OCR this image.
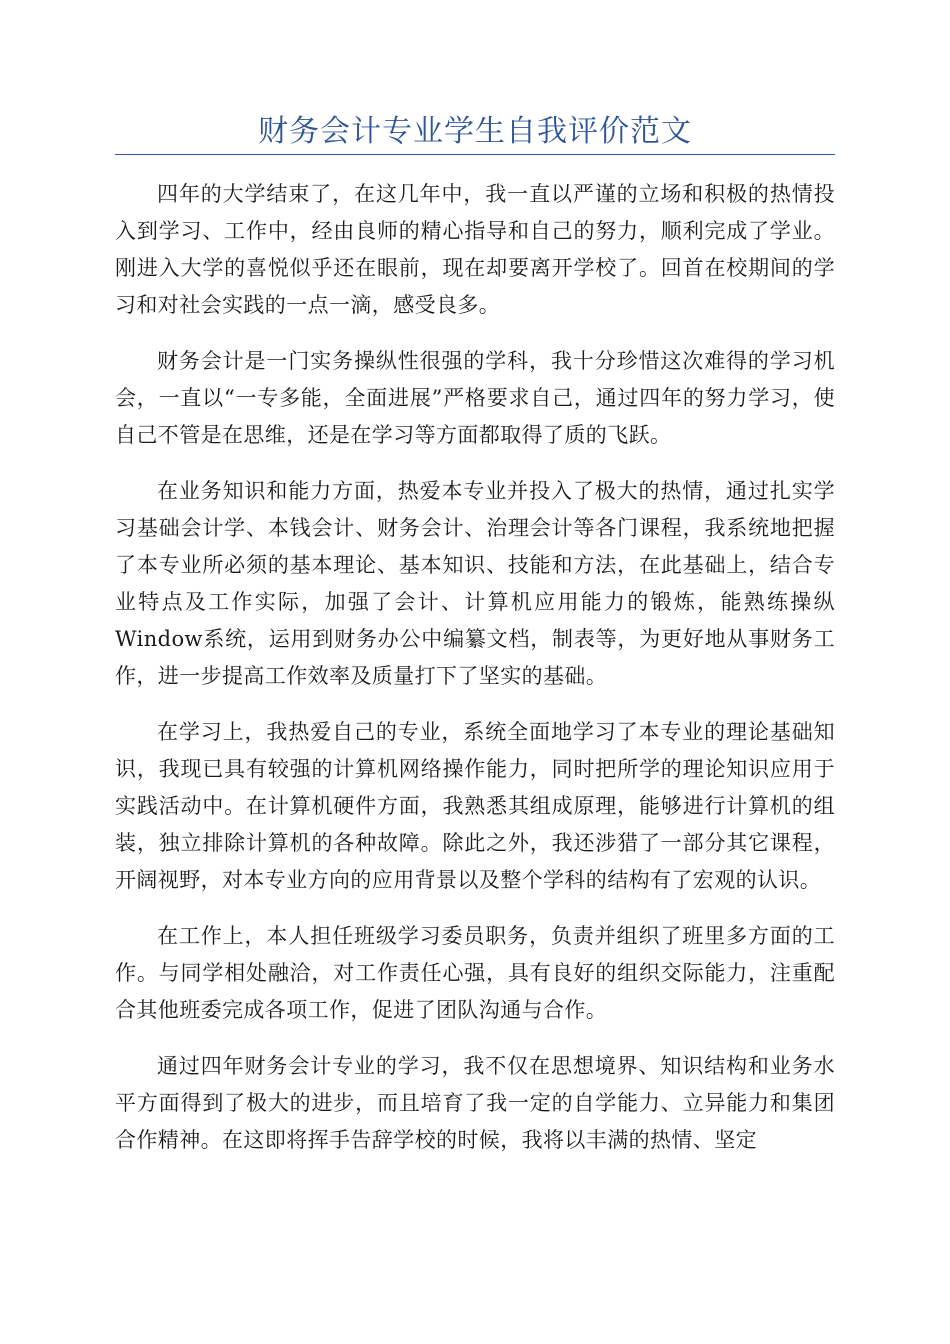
财务会计专业学生自我评价范文

四年的大学结束了，在这几年中，我一直以严谨的立场和积极的热情投入到学习、工作中，经由良师的精心指导和自己的努力，顺利完成了学业。刚进入大学的喜悦似乎还在眼前，现在却要离开学校了。回首在校期间的学习和对社会实践的一点一滴，感受良多。

财务会计是一门实务操纵性很强的学科，我十分珍惜这次难得的学习机会，一直以“一专多能，全面进展”严格要求自己，通过四年的努力学习，使自己不管是在思维，还是在学习等方面都取得了质的飞跃。

在业务知识和能力方面，热爱本专业并投入了极大的热情，通过扎实学习基础会计学、本钱会计、财务会计、治理会计等各门课程，我系统地把握了本专业所必须的基本理论、基本知识、技能和方法，在此基础上，结合专业特点及工作实际，加强了会计、计算机应用能力的锻炼，能熟练操纵Window系统，运用到财务办公中编纂文档，制表等，为更好地从事财务工作，进一步提高工作效率及质量打下了坚实的基础。

在学习上，我热爱自己的专业，系统全面地学习了本专业的理论基础知识，我现已具有较强的计算机网络操作能力，同时把所学的理论知识应用于实践活动中。在计算机硬件方面，我熟悉其组成原理，能够进行计算机的组装，独立排除计算机的各种故障。除此之外，我还涉猎了一部分其它课程，开阔视野，对本专业方向的应用背景以及整个学科的结构有了宏观的认识。

在工作上，本人担任班级学习委员职务，负责并组织了班里多方面的工作。与同学相处融洽，对工作责任心强，具有良好的组织交际能力，注重配合其他班委完成各项工作，促进了团队沟通与合作。

通过四年财务会计专业的学习，我不仅在思想境界、知识结构和业务水平方面得到了极大的进步，而且培育了我一定的自学能力、立异能力和集团合作精神。在这即将挥手告辞学校的时候，我将以丰满的热情、坚定
